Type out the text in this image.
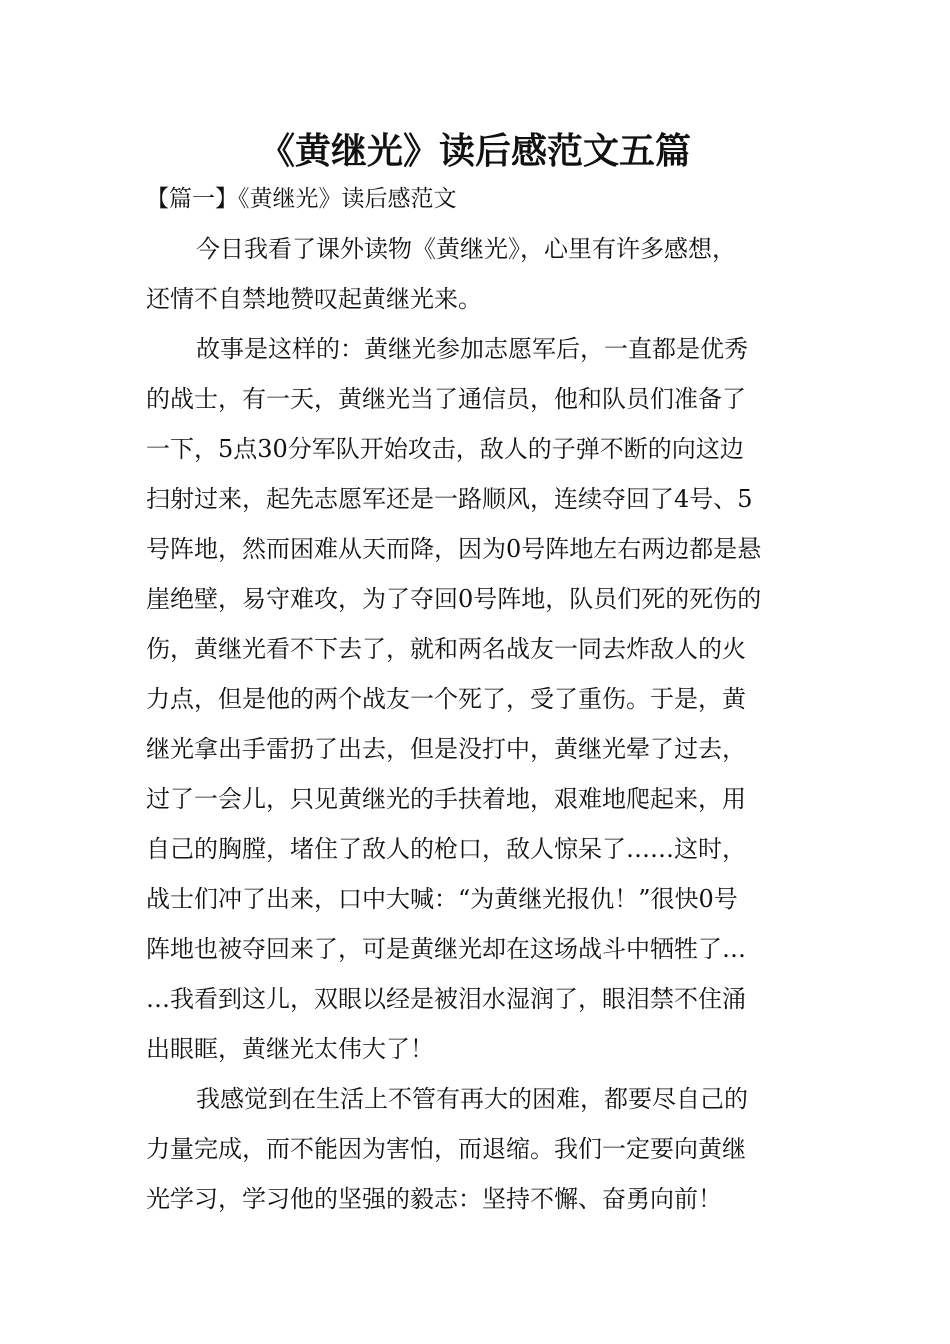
《黄继光》读后感范文五篇
【篇一】《黄继光》读后感范文
今日我看了课外读物《黄继光》，心里有许多感想，
还情不自禁地赞叹起黄继光来。
故事是这样的：黄继光参加志愿军后，一直都是优秀
的战士，有一天，黄继光当了通信员，他和队员们准备了
一下，5点30分军队开始攻击，敌人的子弹不断的向这边
扫射过来，起先志愿军还是一路顺风，连续夺回了4号、5
号阵地，然而困难从天而降，因为0号阵地左右两边都是悬
崖绝壁，易守难攻，为了夺回0号阵地，队员们死的死伤的
伤，黄继光看不下去了，就和两名战友一同去炸敌人的火
力点，但是他的两个战友一个死了，受了重伤。于是，黄
继光拿出手雷扔了出去，但是没打中，黄继光晕了过去，
过了一会儿，只见黄继光的手扶着地，艰难地爬起来，用
自己的胸膛，堵住了敌人的枪口，敌人惊呆了……这时，
战士们冲了出来，口中大喊：“为黄继光报仇！”很快0号
阵地也被夺回来了，可是黄继光却在这场战斗中牺牲了…
…我看到这儿，双眼以经是被泪水湿润了，眼泪禁不住涌
出眼眶，黄继光太伟大了！
我感觉到在生活上不管有再大的困难，都要尽自己的
力量完成，而不能因为害怕，而退缩。我们一定要向黄继
光学习，学习他的坚强的毅志：坚持不懈、奋勇向前！
